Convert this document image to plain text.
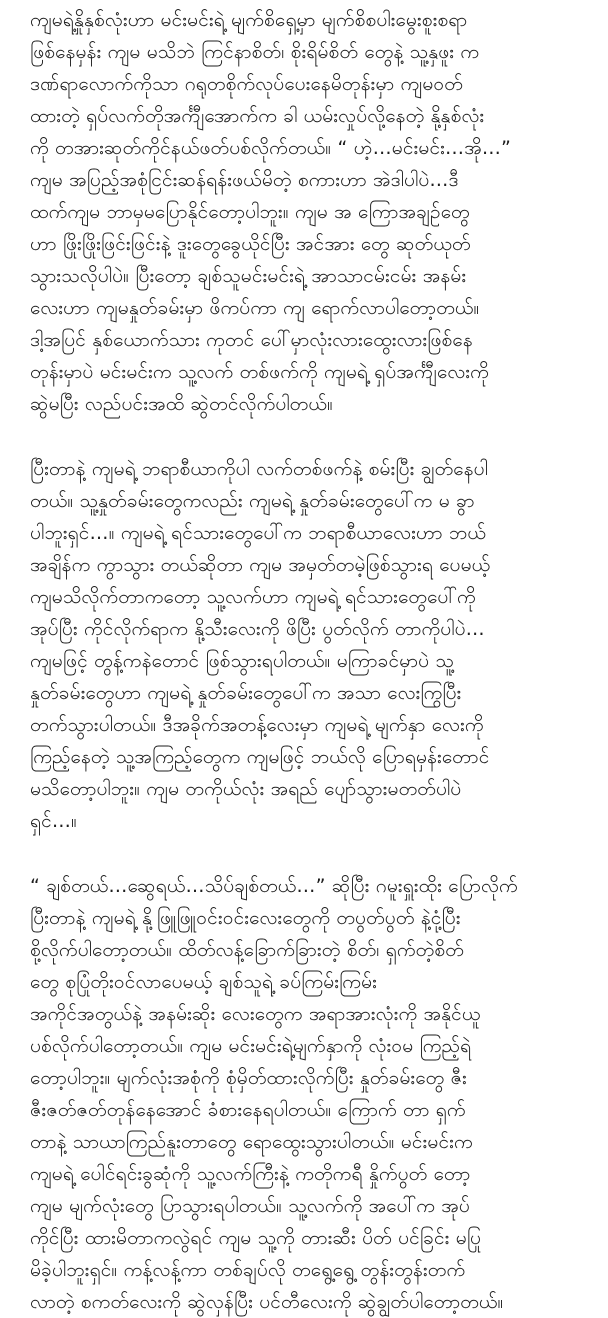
ကျမရဲ့နှိုနှစ်လုံးဟာ မင်းမင်းရဲ့ မျက်စိရှေ့မှာ မျက်စိစပါးမွေးစူးစရာ
ဖြစ်နေမှန်း ကျမ မသိဘဲ ကြင်နာစိတ်၊ စိုးရိမ်စိတ် တွေနဲ့ သူ့နှဖူး က
ဒဏ်ရာလောက်ကိုသာ ဂရုတစိုက်လုပ်ပေးနေမိတုန်းမှာ ကျမဝတ်
ထားတဲ့ ရှပ်လက်တိုအင်္ကျီအောက်က ခါ ယမ်းလှုပ်လို့နေတဲ့ နို့နှစ်လုံး
ကို တအားဆုတ်ကိုင်နယ်ဖတ်ပစ်လိုက်တယ်။ “ ဟဲ့…မင်းမင်း…အို…”
ကျမ အပြည့်အစုံငြင်းဆန်ရန်းဖယ်မိတဲ့ စကားဟာ အဲဒါပါပဲ…ဒီ
ထက်ကျမ ဘာမှမပြောနိုင်တော့ပါဘူး။ ကျမ အ ကြောအချဉ်တွေ
ဟာ ဖြိုးဖြိုးဖြင်းဖြင်းနဲ့ ဒူးတွေခွေယိုင်ပြီး အင်အား တွေ ဆုတ်ယုတ်
သွားသလိုပါပဲ။ ပြီးတော့ ချစ်သူမင်းမင်းရဲ့ အာသာငမ်းငမ်း အနမ်း
လေးဟာ ကျမနှုတ်ခမ်းမှာ ဖိကပ်ကာ ကျ ရောက်လာပါတော့တယ်။
ဒါ့အပြင် နှစ်ယောက်သား ကုတင် ပေါ်မှာလုံးလားထွေးလားဖြစ်နေ
တုန်းမှာပဲ မင်းမင်းက သူ့လက် တစ်ဖက်ကို ကျမရဲ့ ရှပ်အင်္ကျီလေးကို
ဆွဲမပြီး လည်ပင်းအထိ ဆွဲတင်လိုက်ပါတယ်။

ပြီးတာနဲ့ ကျမရဲ့ ဘရာစီယာကိုပါ လက်တစ်ဖက်နဲ့ စမ်းပြီး ချွတ်နေပါ
တယ်။ သူ့နှုတ်ခမ်းတွေကလည်း ကျမရဲ့ နှုတ်ခမ်းတွေပေါ်က မ ခွာ
ပါဘူးရှင်…။ ကျမရဲ့ ရင်သားတွေပေါ်က ဘရာစီယာလေးဟာ ဘယ်
အချိန်က ကွာသွား တယ်ဆိုတာ ကျမ အမှတ်တမဲ့ဖြစ်သွားရ ပေမယ့်
ကျမသိလိုက်တာကတော့ သူ့လက်ဟာ ကျမရဲ့ ရင်သားတွေပေါ်ကို
အုပ်ပြီး ကိုင်လိုက်ရာက နို့သီးလေးကို ဖိပြီး ပွတ်လိုက် တာကိုပါပဲ…
ကျမဖြင့် တွန့်ကနဲတောင် ဖြစ်သွားရပါတယ်။ မကြာခင်မှာပဲ သူ့
နှုတ်ခမ်းတွေဟာ ကျမရဲ့ နှုတ်ခမ်းတွေပေါ်က အသာ လေးကြွပြီး
တက်သွားပါတယ်။ ဒီအခိုက်အတန့်လေးမှာ ကျမရဲ့ မျက်နှာ လေးကို
ကြည့်နေတဲ့ သူ့အကြည့်တွေက ကျမဖြင့် ဘယ်လို ပြောရမှန်းတောင်
မသိတော့ပါဘူး။ ကျမ တကိုယ်လုံး အရည် ပျော်သွားမတတ်ပါပဲ
ရှင်…။

“ ချစ်တယ်…ဆွေရယ်…သိပ်ချစ်တယ်…” ဆိုပြီး ဂမူးရှူးထိုး ပြောလိုက်
ပြီးတာနဲ့ ကျမရဲ့ နို့ဖြူဖြူဝင်းဝင်းလေးတွေကို တပွတ်ပွတ် နဲ့ငုံ့ပြီး
စို့လိုက်ပါတော့တယ်။ ထိတ်လန့်ခြောက်ခြားတဲ့ စိတ်၊ ရှက်တဲ့စိတ်
တွေ စုပြုံတိုးဝင်လာပေမယ့် ချစ်သူရဲ့ ခပ်ကြမ်းကြမ်း
အကိုင်အတွယ်နဲ့ အနမ်းဆိုး လေးတွေက အရာအားလုံးကို အနိုင်ယူ
ပစ်လိုက်ပါတော့တယ်။ ကျမ မင်းမင်းရဲ့မျက်နှာကို လုံးဝမ ကြည့်ရဲ
တော့ပါဘူး။ မျက်လုံးအစုံကို စုံမှိတ်ထားလိုက်ပြီး နှုတ်ခမ်းတွေ ဇီး
ဇီးဇတ်ဇတ်တုန်နေအောင် ခံစားနေရပါတယ်။ ကြောက် တာ ရှက်
တာနဲ့ သာယာကြည်နူးတာတွေ ရောထွေးသွားပါတယ်။ မင်းမင်းက
ကျမရဲ့ ပေါင်ရင်းခွဆုံကို သူ့လက်ကြီးနဲ့ ကတိုကရီ နှိုက်ပွတ် တော့
ကျမ မျက်လုံးတွေ ပြာသွားရပါတယ်။ သူ့လက်ကို အပေါ်က အုပ်
ကိုင်ပြီး ထားမိတာကလွဲရင် ကျမ သူ့ကို တားဆီး ပိတ် ပင်ခြင်း မပြု
မိခဲ့ပါဘူးရှင်။ ကန့်လန့်ကာ တစ်ချပ်လို တရွေ့ရွေ့ တွန်းတွန်းတက်
လာတဲ့ စကတ်လေးကို ဆွဲလှန်ပြီး ပင်တီလေးကို ဆွဲချွတ်ပါတော့တယ်။
